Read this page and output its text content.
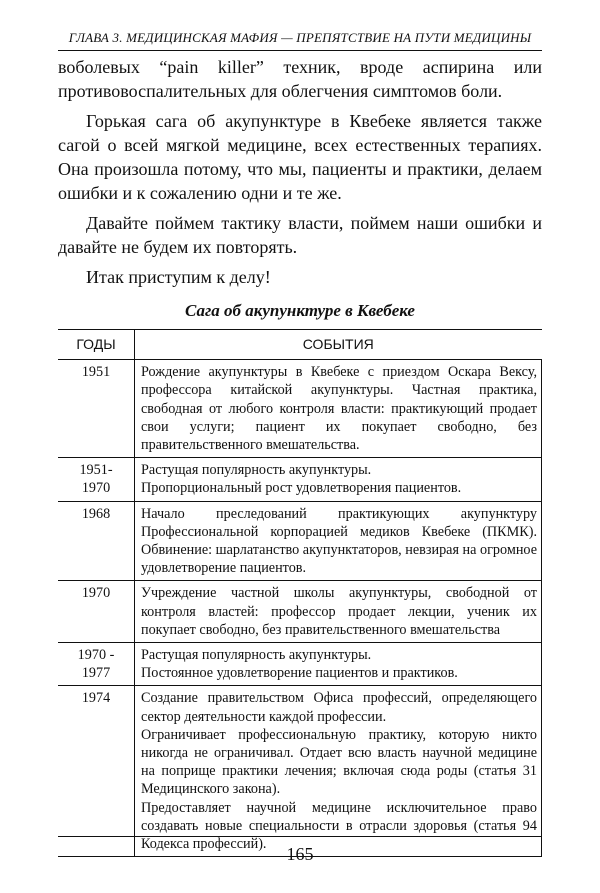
ГЛАВА 3. МЕДИЦИНСКАЯ МАФИЯ — ПРЕПЯТСТВИЕ НА ПУТИ МЕДИЦИНЫ

воболевых “pain killer” техник, вроде аспирина или противовоспалительных для облегчения симптомов боли.

Горькая сага об акупунктуре в Квебеке является также сагой о всей мягкой медицине, всех естественных терапиях. Она произошла потому, что мы, пациенты и практики, делаем ошибки и к сожалению одни и те же.

Давайте поймем тактику власти, поймем наши ошибки и давайте не будем их повторять.

Итак приступим к делу!

Сага об акупунктуре в Квебеке
ГОДЫ	СОБЫТИЯ

1951	Рождение акупунктуры в Квебеке с приездом Оскара Вексу, профессора китайской акупунктуры. Частная практика, свободная от любого контроля власти: практикующий продает свои услуги; пациент их покупает свободно, без правительственного вмешательства.

1951-
1970	Растущая популярность акупунктуры.
Пропорциональный рост удовлетворения пациентов.

1968	Начало преследований практикующих акупунктуру Профессиональной корпорацией медиков Квебеке (ПКМК). Обвинение: шарлатанство акупунктаторов, невзирая на огромное удовлетворение пациентов.

1970	Учреждение частной школы акупунктуры, свободной от контроля властей: профессор продает лекции, ученик их покупает свободно, без правительственного вмешательства

1970 -
1977	Растущая популярность акупунктуры.
Постоянное удовлетворение пациентов и практиков.

1974	Создание правительством Офиса профессий, определяющего сектор деятельности каждой профессии.
Ограничивает профессиональную практику, которую никто никогда не ограничивал. Отдает всю власть научной медицине на поприще практики лечения; включая сюда роды (статья 31 Медицинского закона).
Предоставляет научной медицине исключительное право создавать новые специальности в отрасли здоровья (статья 94 Кодекса профессий).	165
